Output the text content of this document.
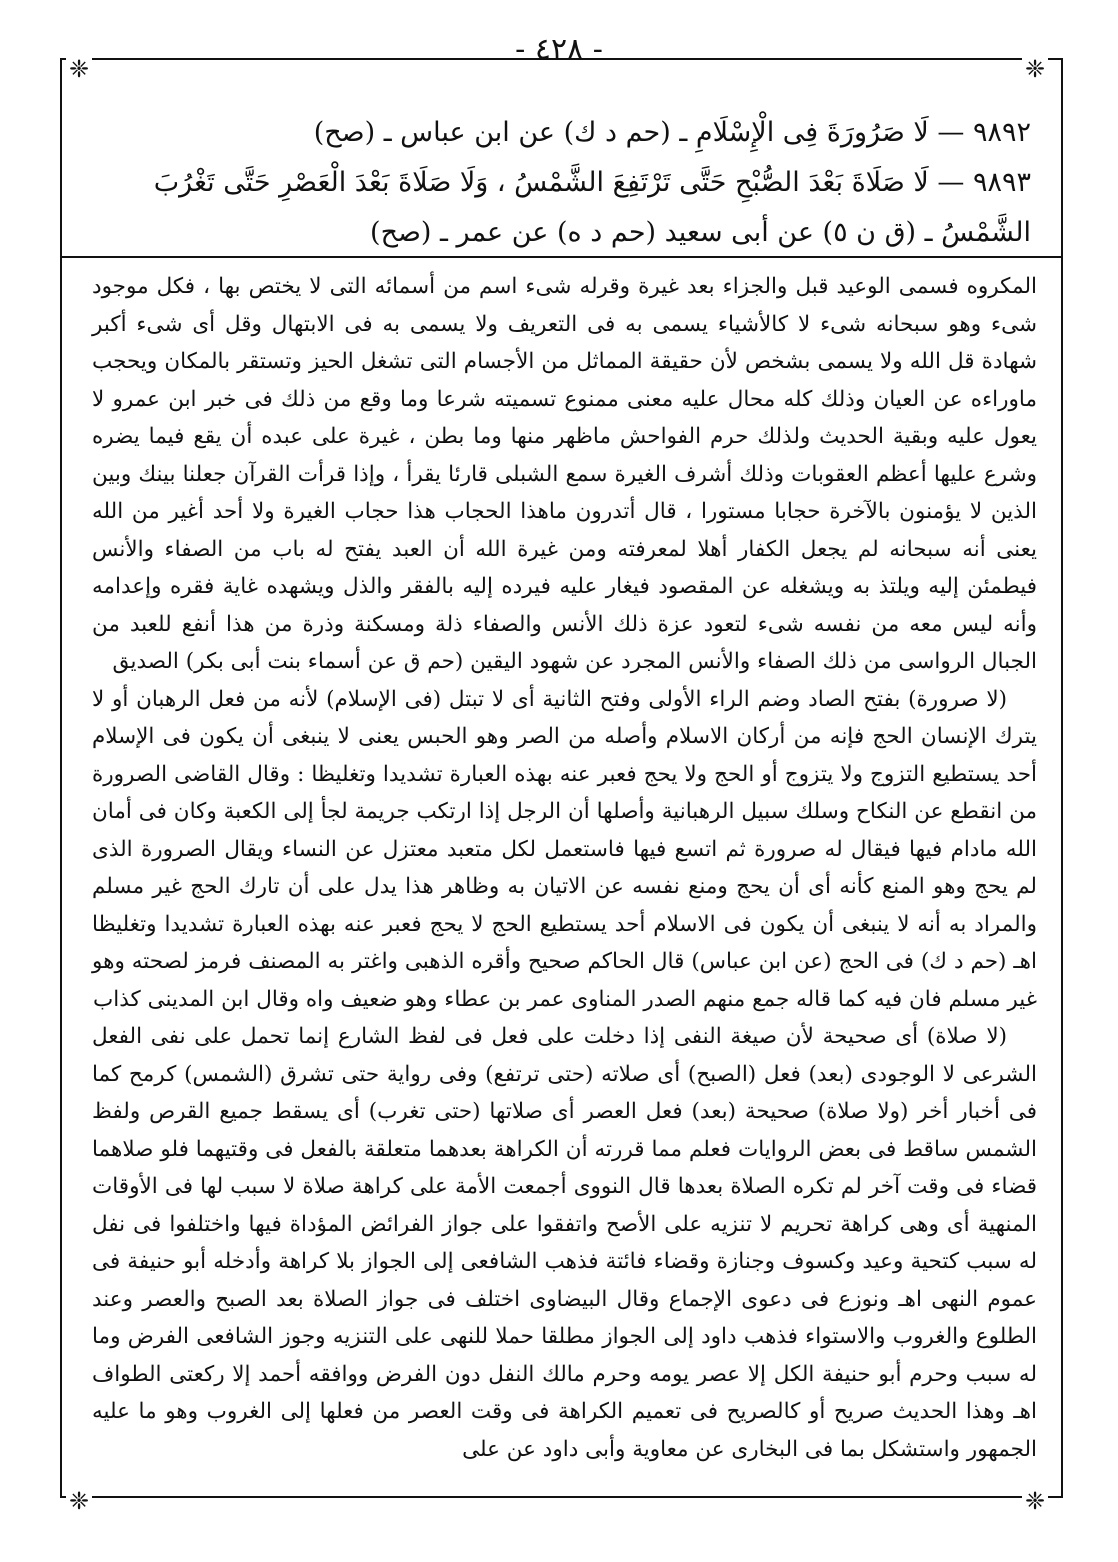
- ٤٢٨ -
❈	❈
❈	❈

٩٨٩٢ — لَا صَرُورَةَ فِى الْإِسْلَامِ ـ (حم د ك) عن ابن عباس ـ (صح)

٩٨٩٣ — لَا صَلَاةَ بَعْدَ الصُّبْحِ حَتَّى تَرْتَفِعَ الشَّمْسُ ، وَلَا صَلَاةَ بَعْدَ الْعَصْرِ حَتَّى تَغْرُبَ الشَّمْسُ ـ (ق ن ٥) عن أبى سعيد (حم د ه) عن عمر ـ (صح)

المكروه فسمى الوعيد قبل والجزاء بعد غيرة وقرله شىء اسم من أسمائه التى لا يختص بها ، فكل موجود شىء وهو سبحانه شىء لا كالأشياء يسمى به فى التعريف ولا يسمى به فى الابتهال وقل أى شىء أكبر شهادة قل الله ولا يسمى بشخص لأن حقيقة المماثل من الأجسام التى تشغل الحيز وتستقر بالمكان ويحجب ماوراءه عن العيان وذلك كله محال عليه معنى ممنوع تسميته شرعا وما وقع من ذلك فى خبر ابن عمرو لا يعول عليه وبقية الحديث ولذلك حرم الفواحش ماظهر منها وما بطن ، غيرة على عبده أن يقع فيما يضره وشرع عليها أعظم العقوبات وذلك أشرف الغيرة سمع الشبلى قارئا يقرأ ، وإذا قرأت القرآن جعلنا بينك وبين الذين لا يؤمنون بالآخرة حجابا مستورا ، قال أتدرون ماهذا الحجاب هذا حجاب الغيرة ولا أحد أغير من الله يعنى أنه سبحانه لم يجعل الكفار أهلا لمعرفته ومن غيرة الله أن العبد يفتح له باب من الصفاء والأنس فيطمئن إليه ويلتذ به ويشغله عن المقصود فيغار عليه فيرده إليه بالفقر والذل ويشهده غاية فقره وإعدامه وأنه ليس معه من نفسه شىء لتعود عزة ذلك الأنس والصفاء ذلة ومسكنة وذرة من هذا أنفع للعبد من الجبال الرواسى من ذلك الصفاء والأنس المجرد عن شهود اليقين (حم ق عن أسماء بنت أبى بكر) الصديق

(لا صرورة) بفتح الصاد وضم الراء الأولى وفتح الثانية أى لا تبتل (فى الإسلام) لأنه من فعل الرهبان أو لا يترك الإنسان الحج فإنه من أركان الاسلام وأصله من الصر وهو الحبس يعنى لا ينبغى أن يكون فى الإسلام أحد يستطيع التزوج ولا يتزوج أو الحج ولا يحج فعبر عنه بهذه العبارة تشديدا وتغليظا : وقال القاضى الصرورة من انقطع عن النكاح وسلك سبيل الرهبانية وأصلها أن الرجل إذا ارتكب جريمة لجأ إلى الكعبة وكان فى أمان الله مادام فيها فيقال له صرورة ثم اتسع فيها فاستعمل لكل متعبد معتزل عن النساء ويقال الصرورة الذى لم يحج وهو المنع كأنه أى أن يحج ومنع نفسه عن الاتيان به وظاهر هذا يدل على أن تارك الحج غير مسلم والمراد به أنه لا ينبغى أن يكون فى الاسلام أحد يستطيع الحج لا يحج فعبر عنه بهذه العبارة تشديدا وتغليظا اهـ (حم د ك) فى الحج (عن ابن عباس) قال الحاكم صحيح وأقره الذهبى واغتر به المصنف فرمز لصحته وهو غير مسلم فان فيه كما قاله جمع منهم الصدر المناوى عمر بن عطاء وهو ضعيف واه وقال ابن المدينى كذاب

(لا صلاة) أى صحيحة لأن صيغة النفى إذا دخلت على فعل فى لفظ الشارع إنما تحمل على نفى الفعل الشرعى لا الوجودى (بعد) فعل (الصبح) أى صلاته (حتى ترتفع) وفى رواية حتى تشرق (الشمس) كرمح كما فى أخبار أخر (ولا صلاة) صحيحة (بعد) فعل العصر أى صلاتها (حتى تغرب) أى يسقط جميع القرص ولفظ الشمس ساقط فى بعض الروايات فعلم مما قررته أن الكراهة بعدهما متعلقة بالفعل فى وقتيهما فلو صلاهما قضاء فى وقت آخر لم تكره الصلاة بعدها قال النووى أجمعت الأمة على كراهة صلاة لا سبب لها فى الأوقات المنهية أى وهى كراهة تحريم لا تنزيه على الأصح واتفقوا على جواز الفرائض المؤداة فيها واختلفوا فى نفل له سبب كتحية وعيد وكسوف وجنازة وقضاء فائتة فذهب الشافعى إلى الجواز بلا كراهة وأدخله أبو حنيفة فى عموم النهى اهـ ونوزع فى دعوى الإجماع وقال البيضاوى اختلف فى جواز الصلاة بعد الصبح والعصر وعند الطلوع والغروب والاستواء فذهب داود إلى الجواز مطلقا حملا للنهى على التنزيه وجوز الشافعى الفرض وما له سبب وحرم أبو حنيفة الكل إلا عصر يومه وحرم مالك النفل دون الفرض ووافقه أحمد إلا ركعتى الطواف اهـ وهذا الحديث صريح أو كالصريح فى تعميم الكراهة فى وقت العصر من فعلها إلى الغروب وهو ما عليه الجمهور واستشكل بما فى البخارى عن معاوية وأبى داود عن على
